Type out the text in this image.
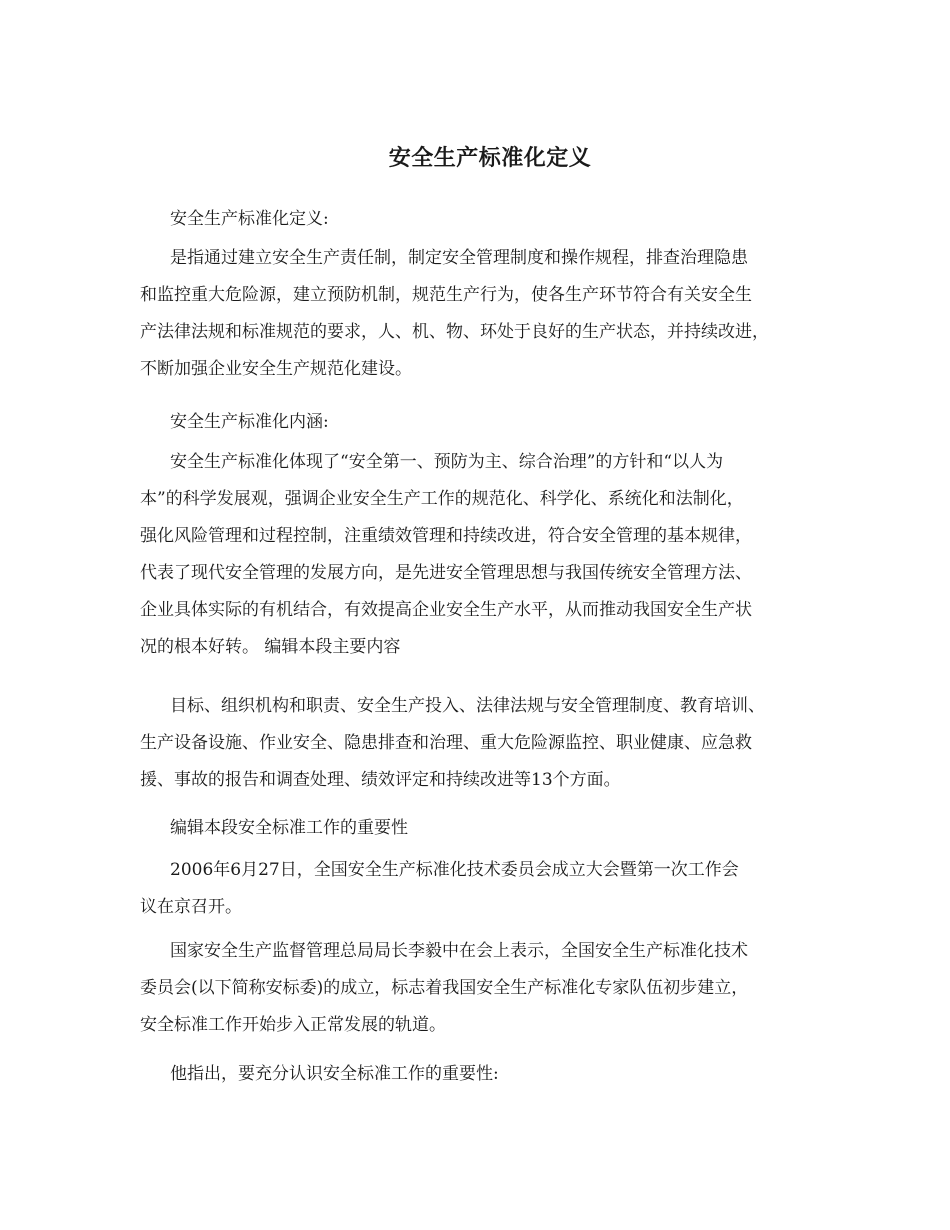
安全生产标准化定义
安全生产标准化定义:
是指通过建立安全生产责任制，制定安全管理制度和操作规程，排查治理隐患
和监控重大危险源，建立预防机制，规范生产行为，使各生产环节符合有关安全生
产法律法规和标准规范的要求，人、机、物、环处于良好的生产状态，并持续改进，
不断加强企业安全生产规范化建设。
安全生产标准化内涵:
安全生产标准化体现了“安全第一、预防为主、综合治理”的方针和“以人为
本”的科学发展观，强调企业安全生产工作的规范化、科学化、系统化和法制化，
强化风险管理和过程控制，注重绩效管理和持续改进，符合安全管理的基本规律，
代表了现代安全管理的发展方向，是先进安全管理思想与我国传统安全管理方法、
企业具体实际的有机结合，有效提高企业安全生产水平，从而推动我国安全生产状
况的根本好转。 编辑本段主要内容
目标、组织机构和职责、安全生产投入、法律法规与安全管理制度、教育培训、
生产设备设施、作业安全、隐患排查和治理、重大危险源监控、职业健康、应急救
援、事故的报告和调查处理、绩效评定和持续改进等13个方面。
编辑本段安全标准工作的重要性
2006年6月27日，全国安全生产标准化技术委员会成立大会暨第一次工作会
议在京召开。
国家安全生产监督管理总局局长李毅中在会上表示，全国安全生产标准化技术
委员会(以下简称安标委)的成立，标志着我国安全生产标准化专家队伍初步建立，
安全标准工作开始步入正常发展的轨道。
他指出，要充分认识安全标准工作的重要性:
